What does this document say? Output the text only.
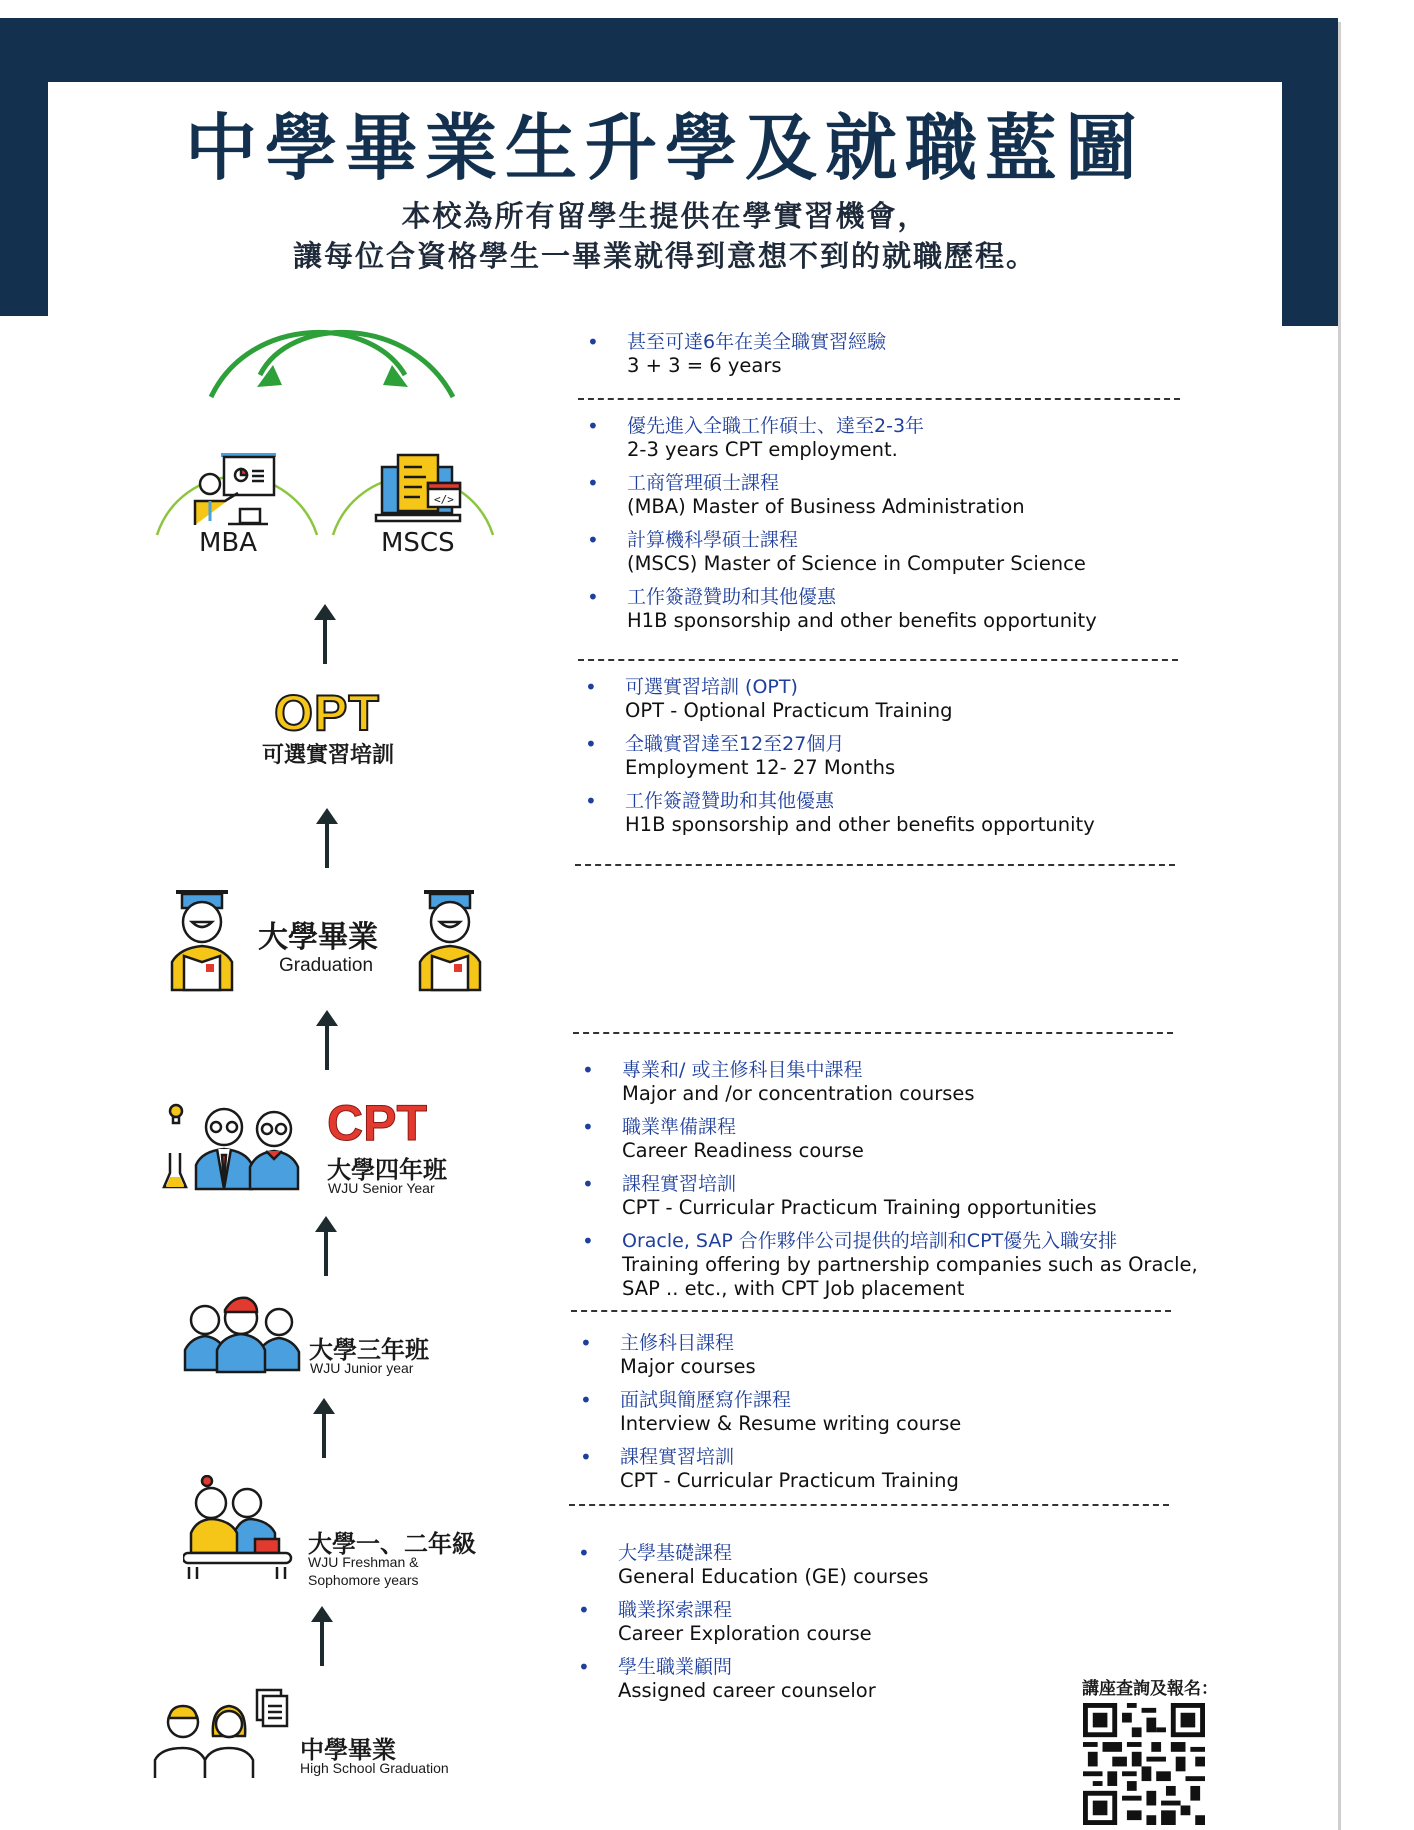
中學畢業生升學及就職藍圖
本校為所有留學生提供在學實習機會，
讓每位合資格學生一畢業就得到意想不到的就職歷程。
</>
MBA	MSCS
OPT
可選實習培訓
大學畢業
Graduation
CPT
大學四年班
WJU Senior Year
大學三年班
WJU Junior year
大學一、二年級
WJU Freshman &
Sophomore years
中學畢業
High School Graduation
• 甚至可達6年在美全職實習經驗
3 + 3 = 6 years
• 優先進入全職工作碩士、達至2-3年
2-3 years CPT employment.
• 工商管理碩士課程
(MBA) Master of Business Administration
• 計算機科學碩士課程
(MSCS) Master of Science in Computer Science
• 工作簽證贊助和其他優惠
H1B sponsorship and other benefits opportunity
• 可選實習培訓 (OPT)
OPT - Optional Practicum Training
• 全職實習達至12至27個月
Employment 12- 27 Months
• 工作簽證贊助和其他優惠
H1B sponsorship and other benefits opportunity
• 專業和/ 或主修科目集中課程
Major and /or concentration courses
• 職業準備課程
Career Readiness course
• 課程實習培訓
CPT - Curricular Practicum Training opportunities
• Oracle, SAP 合作夥伴公司提供的培訓和CPT優先入職安排
Training offering by partnership companies such as Oracle, SAP .. etc., with CPT Job placement
• 主修科目課程
Major courses
• 面試與簡歷寫作課程
Interview & Resume writing course
• 課程實習培訓
CPT - Curricular Practicum Training
• 大學基礎課程
General Education (GE) courses
• 職業探索課程
Career Exploration course
• 學生職業顧問
Assigned career counselor	講座查詢及報名：
